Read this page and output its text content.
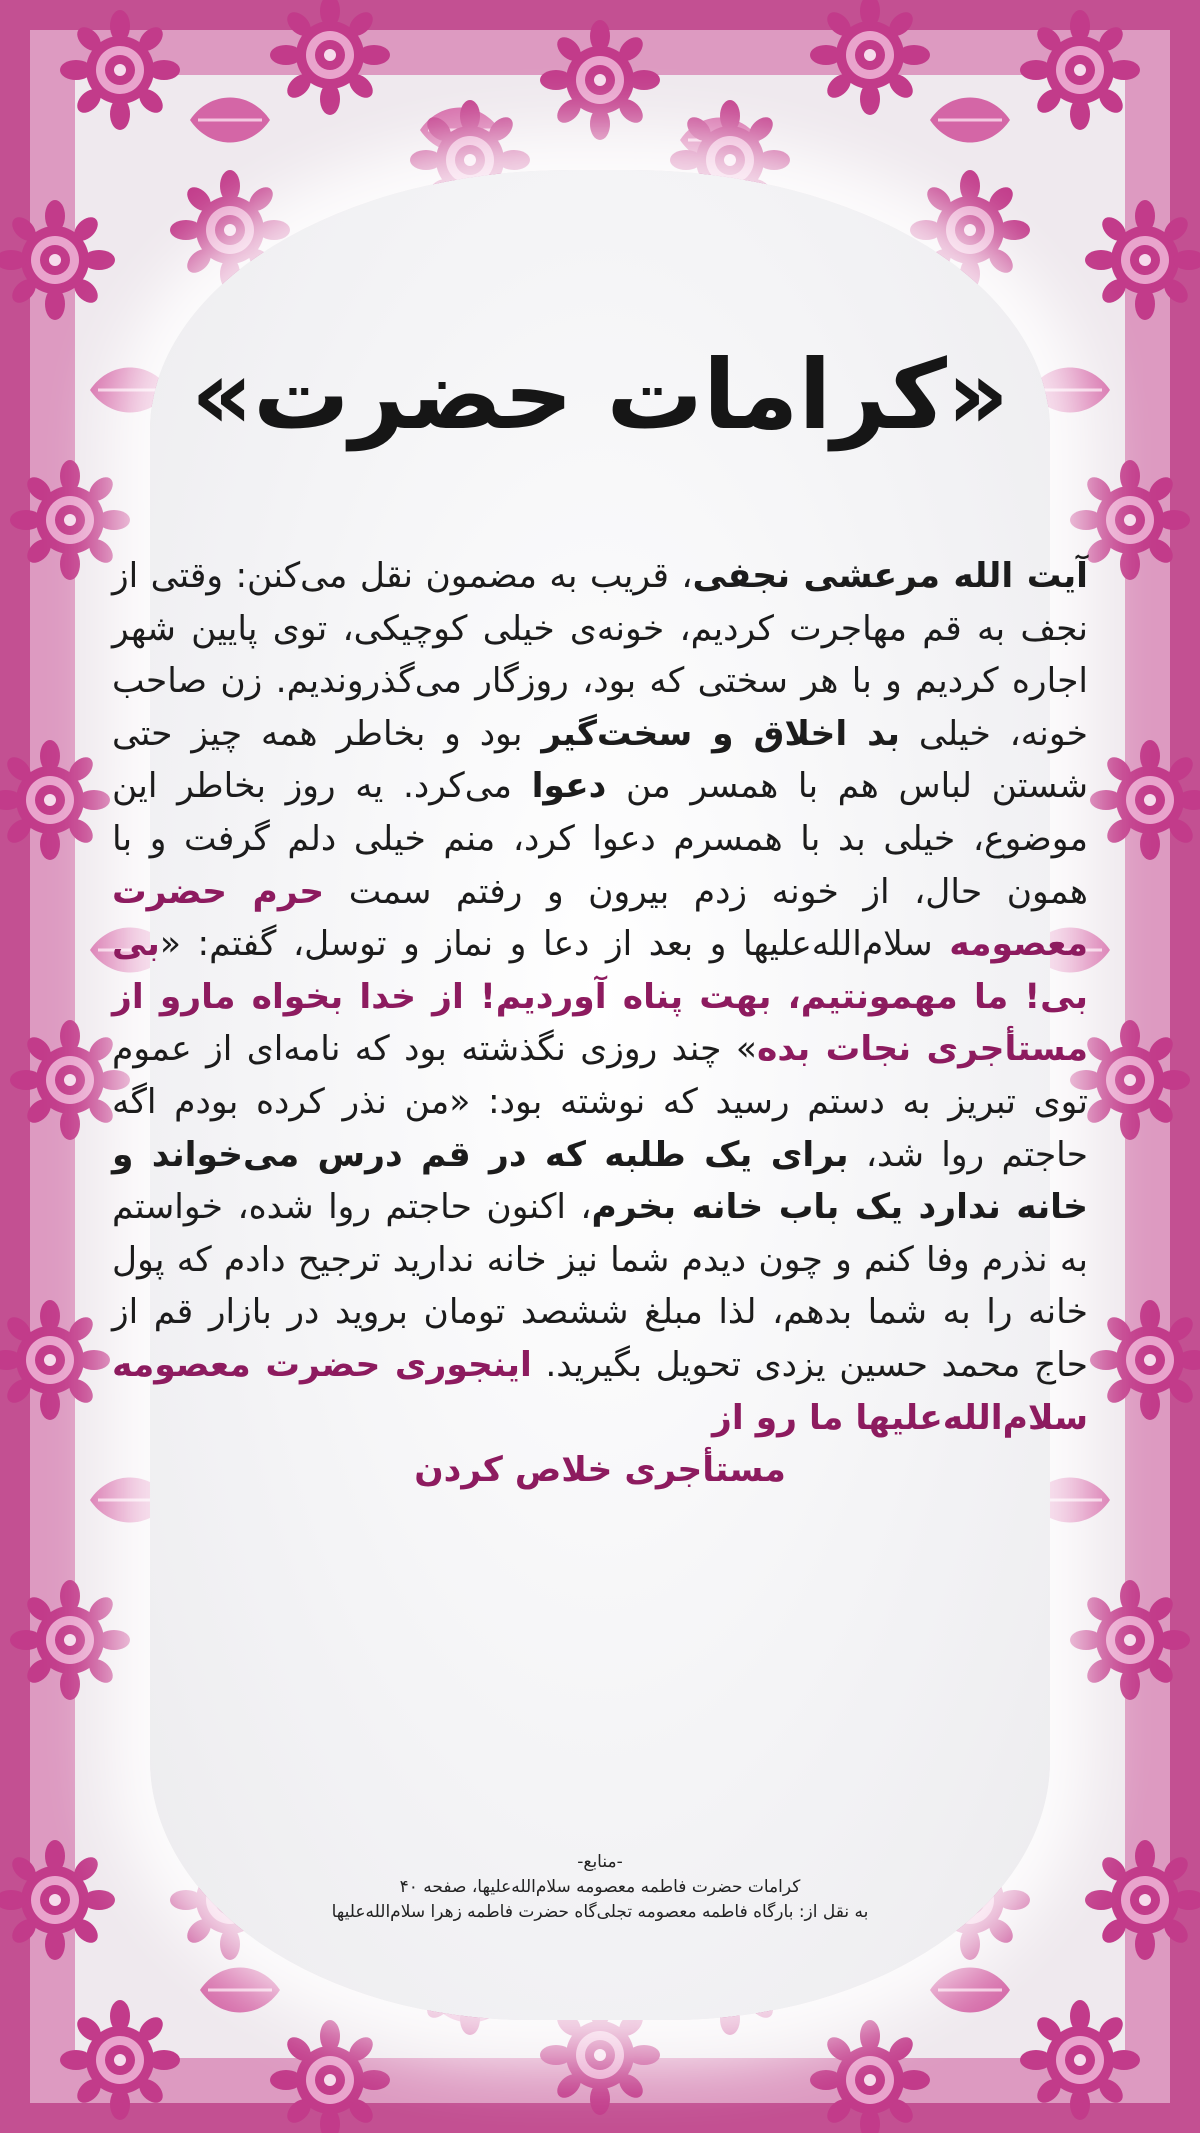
«کرامات حضرت»
آیت الله مرعشی نجفی، قریب به مضمون نقل می‌کنن: وقتی از نجف به قم مهاجرت کردیم، خونه‌ی خیلی کوچیکی، توی پایین شهر اجاره کردیم و با هر سختی که بود، روزگار می‌گذروندیم. زن صاحب خونه، خیلی بد اخلاق و سخت‌گیر بود و بخاطر همه چیز حتی شستن لباس هم با همسر من دعوا می‌کرد. یه روز بخاطر این موضوع، خیلی بد با همسرم دعوا کرد، منم خیلی دلم گرفت و با همون حال، از خونه زدم بیرون و رفتم سمت حرم حضرت معصومه سلام‌الله‌علیها و بعد از دعا و نماز و توسل، گفتم: «بی بی! ما مهمونتیم، بهت پناه آوردیم! از خدا بخواه مارو از مستأجری نجات بده» چند روزی نگذشته بود که نامه‌ای از عموم توی تبریز به دستم رسید که نوشته بود: «من نذر کرده بودم اگه حاجتم روا شد، برای یک طلبه که در قم درس می‌خواند و خانه ندارد یک باب خانه بخرم، اکنون حاجتم روا شده، خواستم به نذرم وفا کنم و چون دیدم شما نیز خانه ندارید ترجیح دادم که پول خانه را به شما بدهم، لذا مبلغ ششصد تومان بروید در بازار قم از حاج محمد حسین یزدی تحویل بگیرید. اینجوری حضرت معصومه سلام‌الله‌علیها ما رو از
مستأجری خلاص کردن
-منابع-
کرامات حضرت فاطمه معصومه سلام‌الله‌علیها، صفحه ۴۰
به نقل از: بارگاه فاطمه معصومه تجلی‌گاه حضرت فاطمه زهرا سلام‌الله‌علیها
